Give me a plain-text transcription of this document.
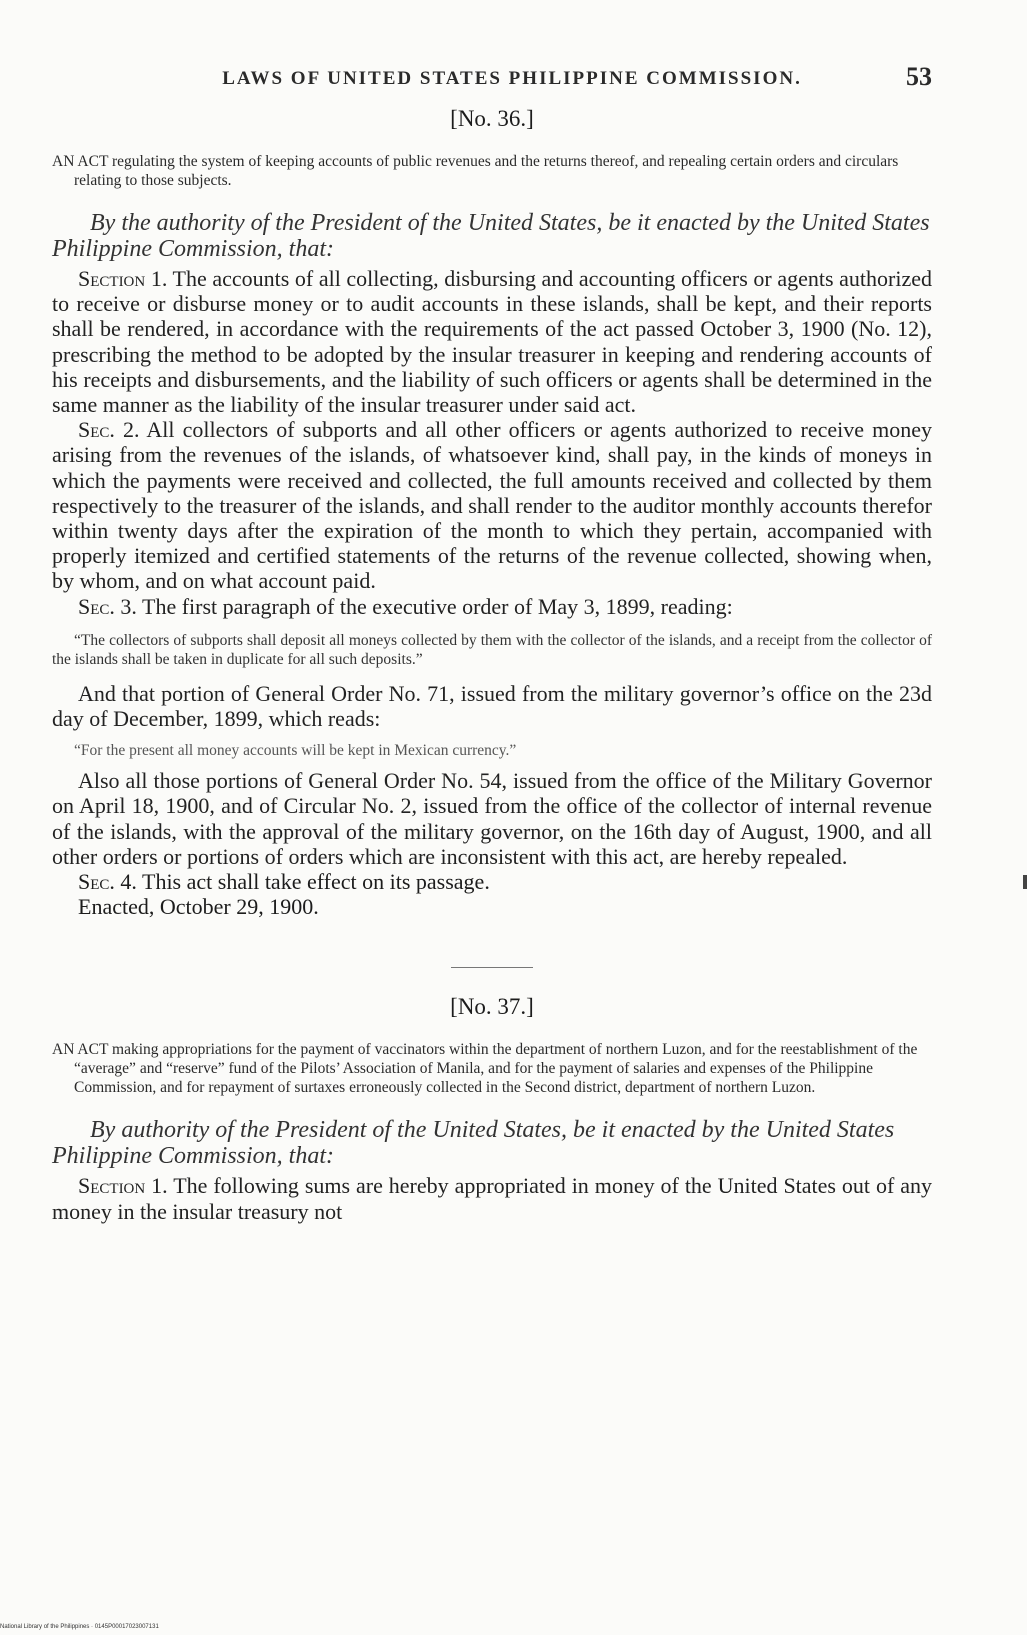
LAWS OF UNITED STATES PHILIPPINE COMMISSION.	53
[No. 36.]

AN ACT regulating the system of keeping accounts of public revenues and the returns thereof, and repealing certain orders and circulars relating to those subjects.

By the authority of the President of the United States, be it enacted by the United States Philippine Commission, that:

Section 1. The accounts of all collecting, disbursing and accounting officers or agents authorized to receive or disburse money or to audit accounts in these islands, shall be kept, and their reports shall be rendered, in accordance with the requirements of the act passed October 3, 1900 (No. 12), prescribing the method to be adopted by the insular treasurer in keeping and rendering accounts of his receipts and disbursements, and the liability of such officers or agents shall be determined in the same manner as the liability of the insular treasurer under said act.

Sec. 2. All collectors of subports and all other officers or agents authorized to receive money arising from the revenues of the islands, of whatsoever kind, shall pay, in the kinds of moneys in which the payments were received and collected, the full amounts received and collected by them respectively to the treasurer of the islands, and shall render to the auditor monthly accounts therefor within twenty days after the expiration of the month to which they pertain, accompanied with properly itemized and certified statements of the returns of the revenue collected, showing when, by whom, and on what account paid.

Sec. 3. The first paragraph of the executive order of May 3, 1899, reading:

“The collectors of subports shall deposit all moneys collected by them with the collector of the islands, and a receipt from the collector of the islands shall be taken in duplicate for all such deposits.”

And that portion of General Order No. 71, issued from the military governor’s office on the 23d day of December, 1899, which reads:

“For the present all money accounts will be kept in Mexican currency.”

Also all those portions of General Order No. 54, issued from the office of the Military Governor on April 18, 1900, and of Circular No. 2, issued from the office of the collector of internal revenue of the islands, with the approval of the military governor, on the 16th day of August, 1900, and all other orders or portions of orders which are inconsistent with this act, are hereby repealed.

Sec. 4. This act shall take effect on its passage.

Enacted, October 29, 1900.

[No. 37.]

AN ACT making appropriations for the payment of vaccinators within the department of northern Luzon, and for the reestablishment of the “average” and “reserve” fund of the Pilots’ Association of Manila, and for the payment of salaries and expenses of the Philippine Commission, and for repayment of surtaxes erroneously collected in the Second district, department of northern Luzon.

By authority of the President of the United States, be it enacted by the United States Philippine Commission, that:

Section 1. The following sums are hereby appropriated in money of the United States out of any money in the insular treasury not

National Library of the Philippines · 0145P00017023007131
